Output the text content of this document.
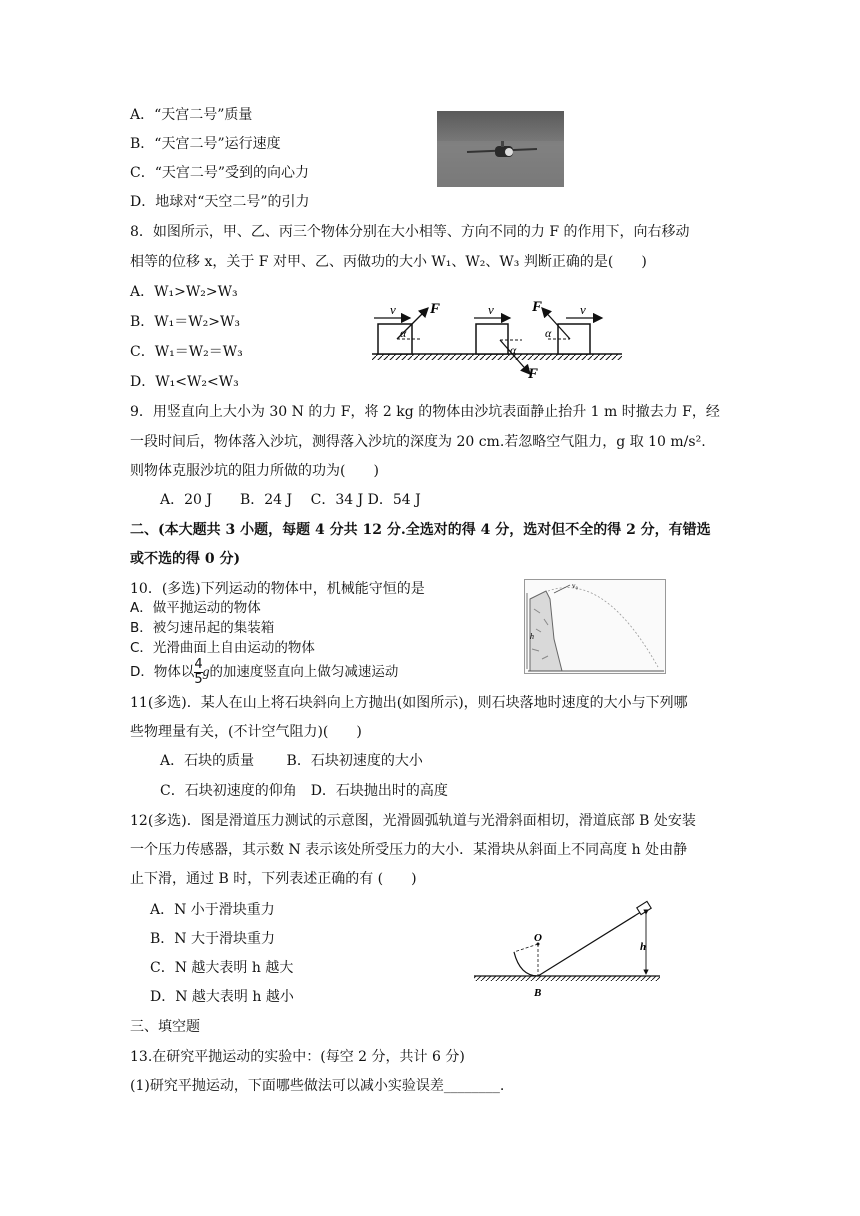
A．“天宫二号”质量
B．“天宫二号”运行速度
C．“天宫二号”受到的向心力
D．地球对“天空二号”的引力
8．如图所示，甲、乙、丙三个物体分别在大小相等、方向不同的力 F 的作用下，向右移动
相等的位移 x，关于 F 对甲、乙、丙做功的大小 W₁、W₂、W₃ 判断正确的是(　　)
A．W₁>W₂>W₃
B．W₁＝W₂>W₃
C．W₁＝W₂＝W₃
D．W₁<W₂<W₃
v F
α
v
F
α
v
F
α
9．用竖直向上大小为 30 N 的力 F，将 2 kg 的物体由沙坑表面静止抬升 1 m 时撤去力 F，经
一段时间后，物体落入沙坑，测得落入沙坑的深度为 20 cm.若忽略空气阻力，g 取 10 m/s².
则物体克服沙坑的阻力所做的功为(　　)
A．20 J　　B．24 J　 C．34 J D．54 J
二、(本大题共 3 小题，每题 4 分共 12 分.全选对的得 4 分，选对但不全的得 2 分，有错选
或不选的得 0 分)
10．(多选)下列运动的物体中，机械能守恒的是
A．做平抛运动的物体
B．被匀速吊起的集装箱
C．光滑曲面上自由运动的物体
D．物体以 $\frac{4}{5}$ g的加速度竖直向上做匀减速运动
v₀
h
11(多选)．某人在山上将石块斜向上方抛出(如图所示)，则石块落地时速度的大小与下列哪
些物理量有关，(不计空气阻力)(　　)
A．石块的质量　　 B．石块初速度的大小
C．石块初速度的仰角　D．石块抛出时的高度
12(多选)．图是滑道压力测试的示意图，光滑圆弧轨道与光滑斜面相切，滑道底部 B 处安装
一个压力传感器，其示数 N 表示该处所受压力的大小．某滑块从斜面上不同高度 h 处由静
止下滑，通过 B 时，下列表述正确的有 (　　)
A．N 小于滑块重力
B．N 大于滑块重力
C．N 越大表明 h 越大
D．N 越大表明 h 越小
O
B
h
三、填空题
13.在研究平抛运动的实验中：(每空 2 分，共计 6 分)
(1)研究平抛运动，下面哪些做法可以减小实验误差________.
